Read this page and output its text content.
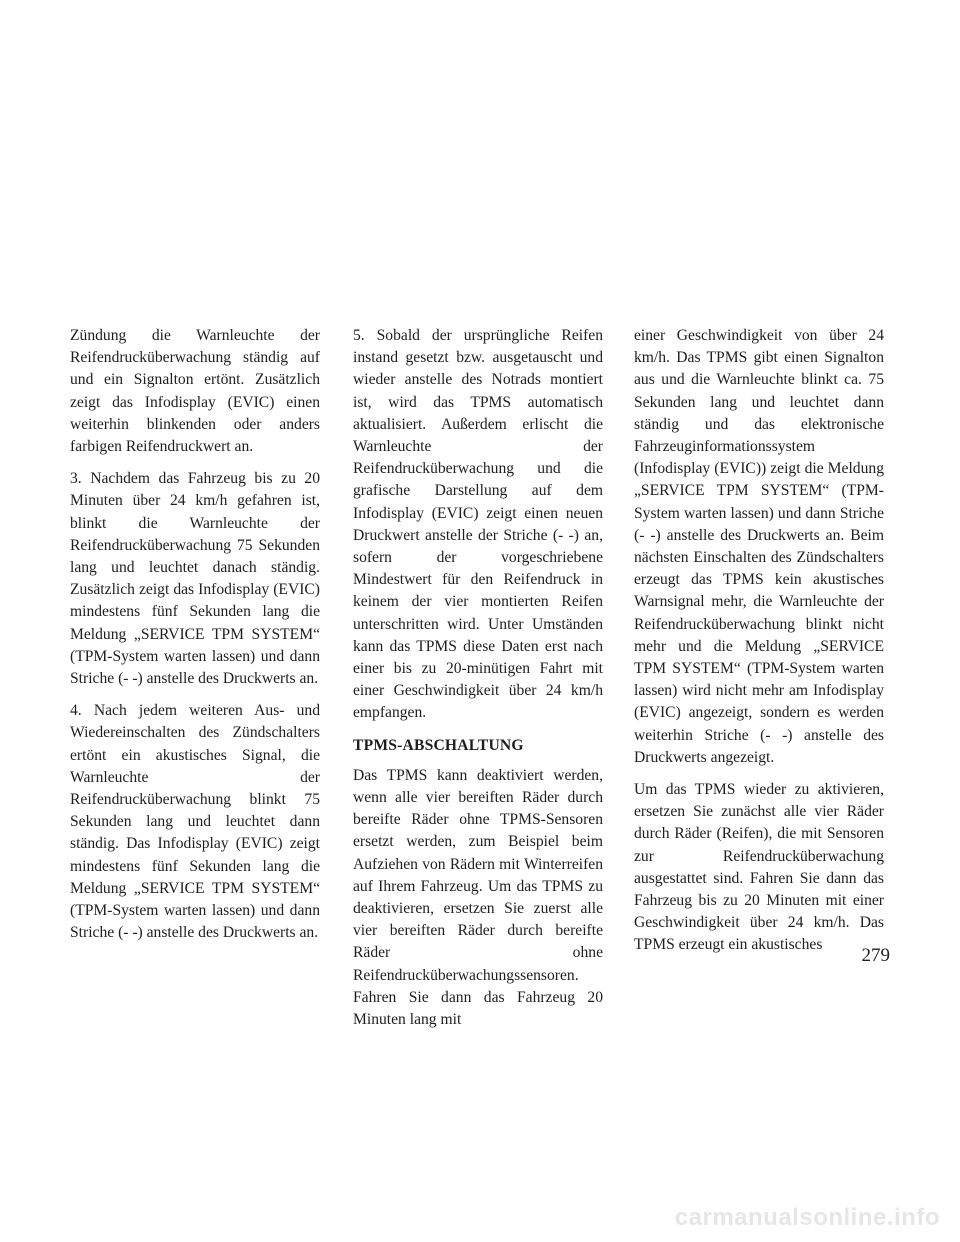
Zündung die Warnleuchte der Reifendrucküberwachung ständig auf und ein Signalton ertönt. Zusätzlich zeigt das Infodisplay (EVIC) einen weiterhin blinkenden oder anders farbigen Reifendruckwert an.

3. Nachdem das Fahrzeug bis zu 20 Minuten über 24 km/h gefahren ist, blinkt die Warnleuchte der Reifendrucküberwachung 75 Sekunden lang und leuchtet danach ständig. Zusätzlich zeigt das Infodisplay (EVIC) mindestens fünf Sekunden lang die Meldung „SERVICE TPM SYSTEM“ (TPM-System warten lassen) und dann Striche (- -) anstelle des Druckwerts an.

4. Nach jedem weiteren Aus- und Wiedereinschalten des Zündschalters ertönt ein akustisches Signal, die Warnleuchte der Reifendrucküberwachung blinkt 75 Sekunden lang und leuchtet dann ständig. Das Infodisplay (EVIC) zeigt mindestens fünf Sekunden lang die Meldung „SERVICE TPM SYSTEM“ (TPM-System warten lassen) und dann Striche (- -) anstelle des Druckwerts an.

5. Sobald der ursprüngliche Reifen instand gesetzt bzw. ausgetauscht und wieder anstelle des Notrads montiert ist, wird das TPMS automatisch aktualisiert. Außerdem erlischt die Warnleuchte der Reifendrucküberwachung und die grafische Darstellung auf dem Infodisplay (EVIC) zeigt einen neuen Druckwert anstelle der Striche (- -) an, sofern der vorgeschriebene Mindestwert für den Reifendruck in keinem der vier montierten Reifen unterschritten wird. Unter Umständen kann das TPMS diese Daten erst nach einer bis zu 20-minütigen Fahrt mit einer Geschwindigkeit über 24 km/h empfangen.

TPMS-ABSCHALTUNG

Das TPMS kann deaktiviert werden, wenn alle vier bereiften Räder durch bereifte Räder ohne TPMS-Sensoren ersetzt werden, zum Beispiel beim Aufziehen von Rädern mit Winterreifen auf Ihrem Fahrzeug. Um das TPMS zu deaktivieren, ersetzen Sie zuerst alle vier bereiften Räder durch bereifte Räder ohne Reifendrucküberwachungssensoren. Fahren Sie dann das Fahrzeug 20 Minuten lang mit

einer Geschwindigkeit von über 24 km/h. Das TPMS gibt einen Signalton aus und die Warnleuchte blinkt ca. 75 Sekunden lang und leuchtet dann ständig und das elektronische Fahrzeuginformationssystem (Infodisplay (EVIC)) zeigt die Meldung „SERVICE TPM SYSTEM“ (TPM-System warten lassen) und dann Striche (- -) anstelle des Druckwerts an. Beim nächsten Einschalten des Zündschalters erzeugt das TPMS kein akustisches Warnsignal mehr, die Warnleuchte der Reifendrucküberwachung blinkt nicht mehr und die Meldung „SERVICE TPM SYSTEM“ (TPM-System warten lassen) wird nicht mehr am Infodisplay (EVIC) angezeigt, sondern es werden weiterhin Striche (- -) anstelle des Druckwerts angezeigt.

Um das TPMS wieder zu aktivieren, ersetzen Sie zunächst alle vier Räder durch Räder (Reifen), die mit Sensoren zur Reifendrucküberwachung ausgestattet sind. Fahren Sie dann das Fahrzeug bis zu 20 Minuten mit einer Geschwindigkeit über 24 km/h. Das TPMS erzeugt ein akustisches

279
carmanualsonline.info
